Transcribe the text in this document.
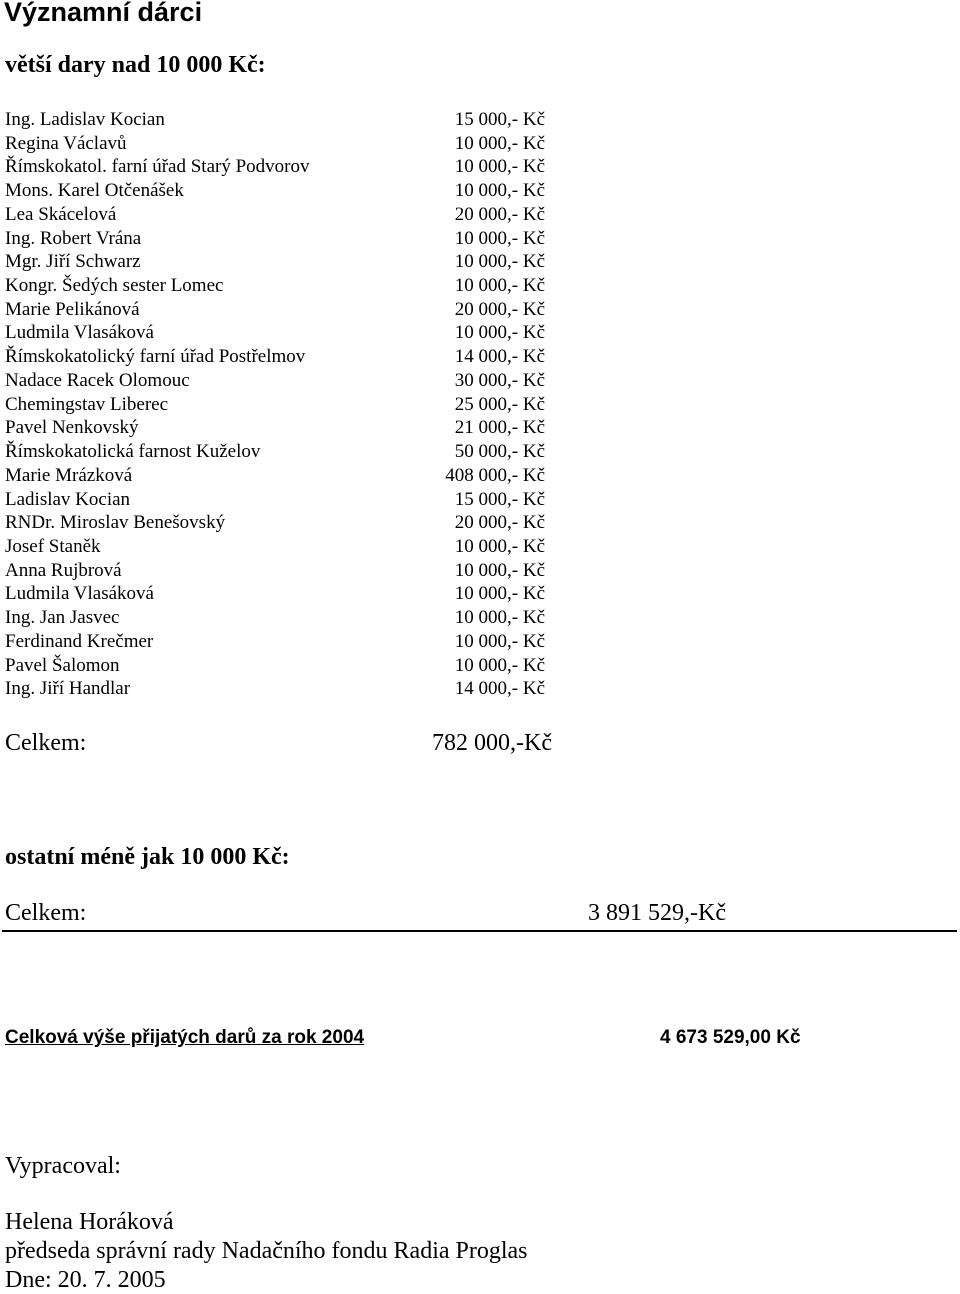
Významní dárci
větší dary nad 10 000 Kč:
Ing. Ladislav Kocian	15 000,- Kč
Regina Václavů	10 000,- Kč
Římskokatol. farní úřad Starý Podvorov	10 000,- Kč
Mons. Karel Otčenášek	10 000,- Kč
Lea Skácelová	20 000,- Kč
Ing. Robert Vrána	10 000,- Kč
Mgr. Jiří Schwarz	10 000,- Kč
Kongr. Šedých sester Lomec	10 000,- Kč
Marie Pelikánová	20 000,- Kč
Ludmila Vlasáková	10 000,- Kč
Římskokatolický farní úřad Postřelmov	14 000,- Kč
Nadace Racek Olomouc	30 000,- Kč
Chemingstav Liberec	25 000,- Kč
Pavel Nenkovský	21 000,- Kč
Římskokatolická farnost Kuželov	50 000,- Kč
Marie Mrázková	408 000,- Kč
Ladislav Kocian	15 000,- Kč
RNDr. Miroslav Benešovský	20 000,- Kč
Josef Staněk	10 000,- Kč
Anna Rujbrová	10 000,- Kč
Ludmila Vlasáková	10 000,- Kč
Ing. Jan Jasvec	10 000,- Kč
Ferdinand Krečmer	10 000,- Kč
Pavel Šalomon	10 000,- Kč
Ing. Jiří Handlar	14 000,- Kč
Celkem:	782 000,-Kč
ostatní méně jak 10 000 Kč:
Celkem:	3 891 529,-Kč
Celková výše přijatých darů za rok 2004	4 673 529,00 Kč
Vypracoval:
Helena Horáková
předseda správní rady Nadačního fondu Radia Proglas
Dne: 20. 7. 2005
